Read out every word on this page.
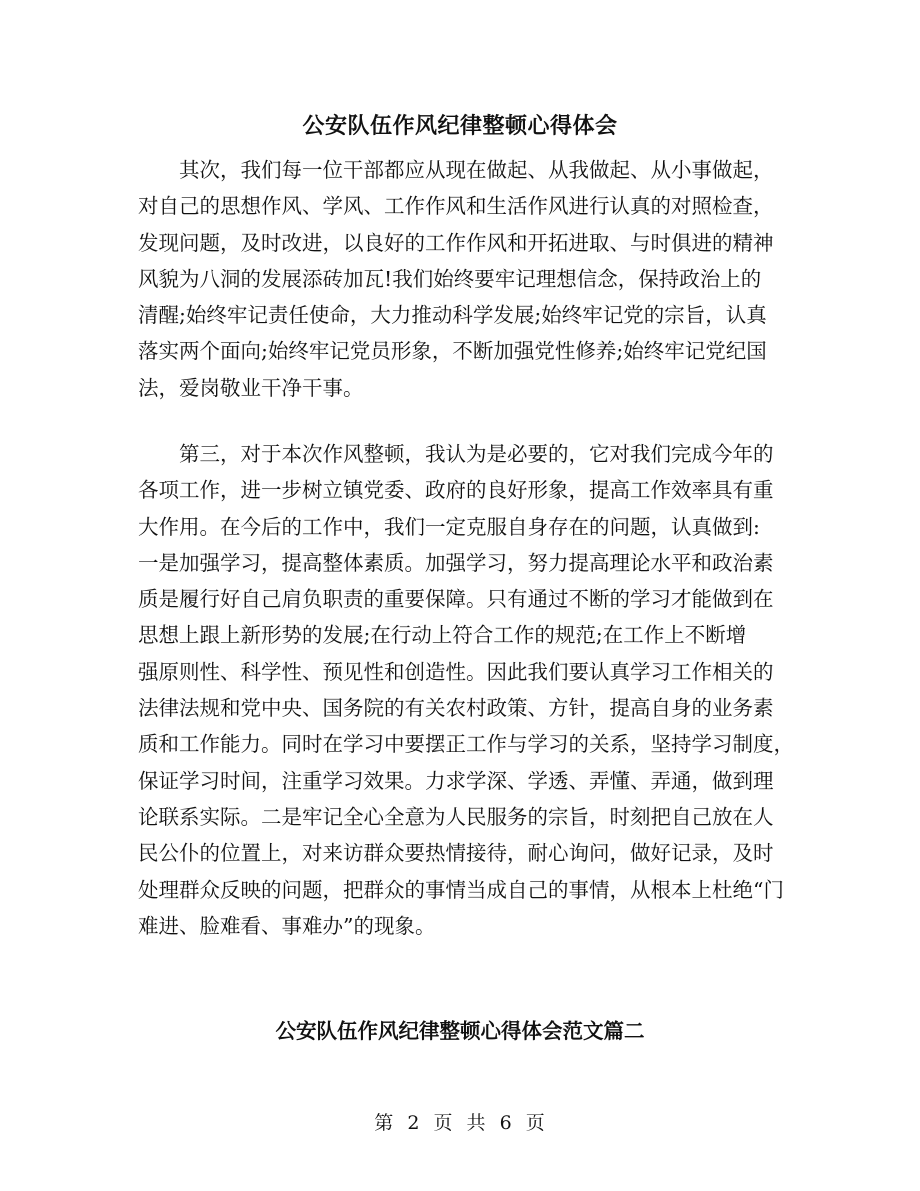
公安队伍作风纪律整顿心得体会
　　其次，我们每一位干部都应从现在做起、从我做起、从小事做起，
对自己的思想作风、学风、工作作风和生活作风进行认真的对照检查，
发现问题，及时改进，以良好的工作作风和开拓进取、与时俱进的精神
风貌为八洞的发展添砖加瓦!我们始终要牢记理想信念，保持政治上的
清醒;始终牢记责任使命，大力推动科学发展;始终牢记党的宗旨，认真
落实两个面向;始终牢记党员形象，不断加强党性修养;始终牢记党纪国
法，爱岗敬业干净干事。
　　第三，对于本次作风整顿，我认为是必要的，它对我们完成今年的
各项工作，进一步树立镇党委、政府的良好形象，提高工作效率具有重
大作用。在今后的工作中，我们一定克服自身存在的问题，认真做到:
一是加强学习，提高整体素质。加强学习，努力提高理论水平和政治素
质是履行好自己肩负职责的重要保障。只有通过不断的学习才能做到在
思想上跟上新形势的发展;在行动上符合工作的规范;在工作上不断增
强原则性、科学性、预见性和创造性。因此我们要认真学习工作相关的
法律法规和党中央、国务院的有关农村政策、方针，提高自身的业务素
质和工作能力。同时在学习中要摆正工作与学习的关系，坚持学习制度，
保证学习时间，注重学习效果。力求学深、学透、弄懂、弄通，做到理
论联系实际。二是牢记全心全意为人民服务的宗旨，时刻把自己放在人
民公仆的位置上，对来访群众要热情接待，耐心询问，做好记录，及时
处理群众反映的问题，把群众的事情当成自己的事情，从根本上杜绝“门
难进、脸难看、事难办”的现象。
公安队伍作风纪律整顿心得体会范文篇二
第 2 页 共 6 页
